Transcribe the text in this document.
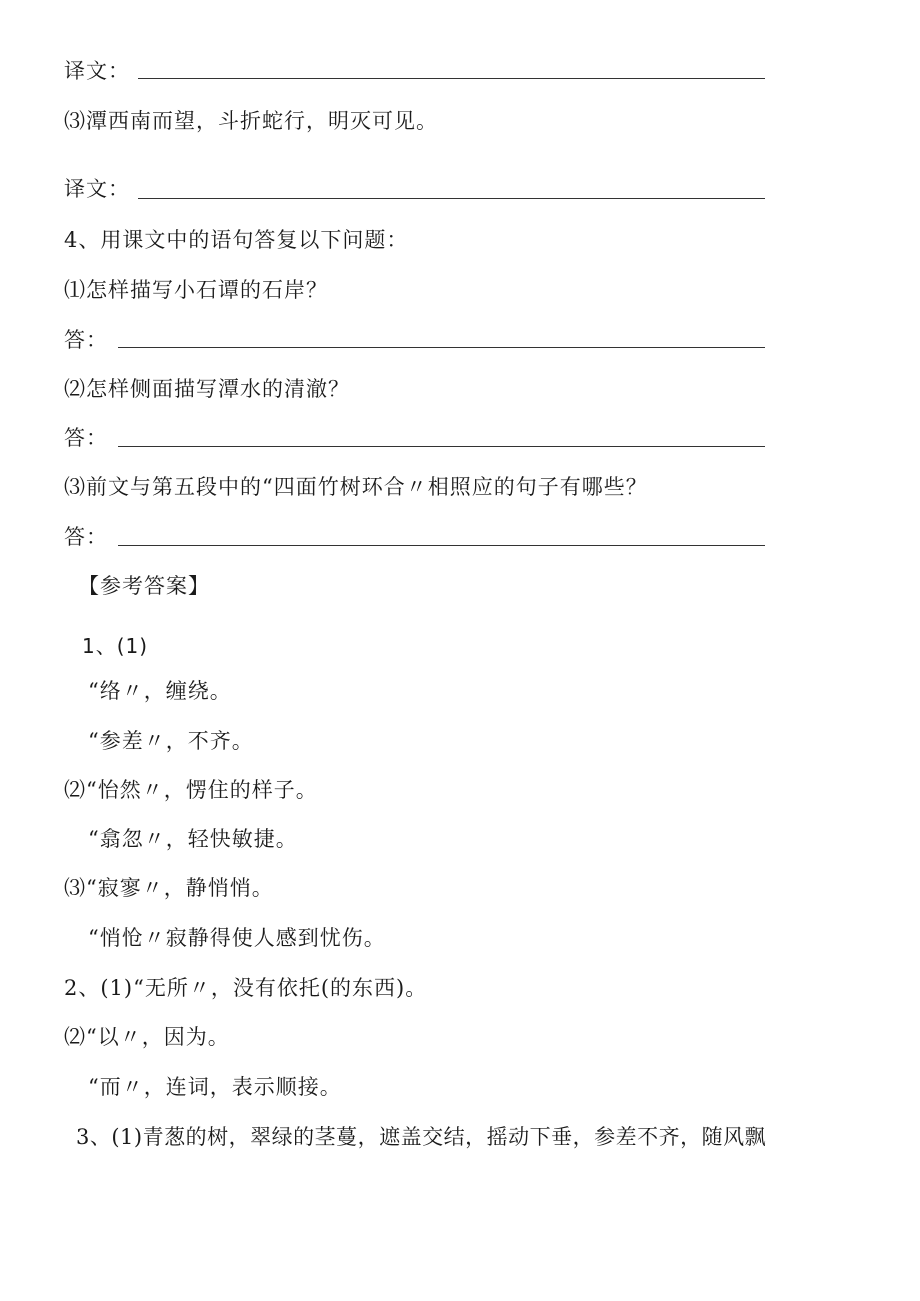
译文：
⑶潭西南而望，斗折蛇行，明灭可见。
译文：
4、用课文中的语句答复以下问题：
⑴怎样描写小石谭的石岸？
答：
⑵怎样侧面描写潭水的清澈？
答：
⑶前文与第五段中的“四面竹树环合〃相照应的句子有哪些？
答：
【参考答案】
1、(1)
“络〃，缠绕。
“参差〃，不齐。
⑵“怡然〃，愣住的样子。
“翕忽〃，轻快敏捷。
⑶“寂寥〃，静悄悄。
“悄怆〃寂静得使人感到忧伤。
2、(1)“无所〃，没有依托(的东西)。
⑵“以〃，因为。
“而〃，连词，表示顺接。
3、(1)青葱的树，翠绿的茎蔓，遮盖交结，摇动下垂，参差不齐，随风飘
